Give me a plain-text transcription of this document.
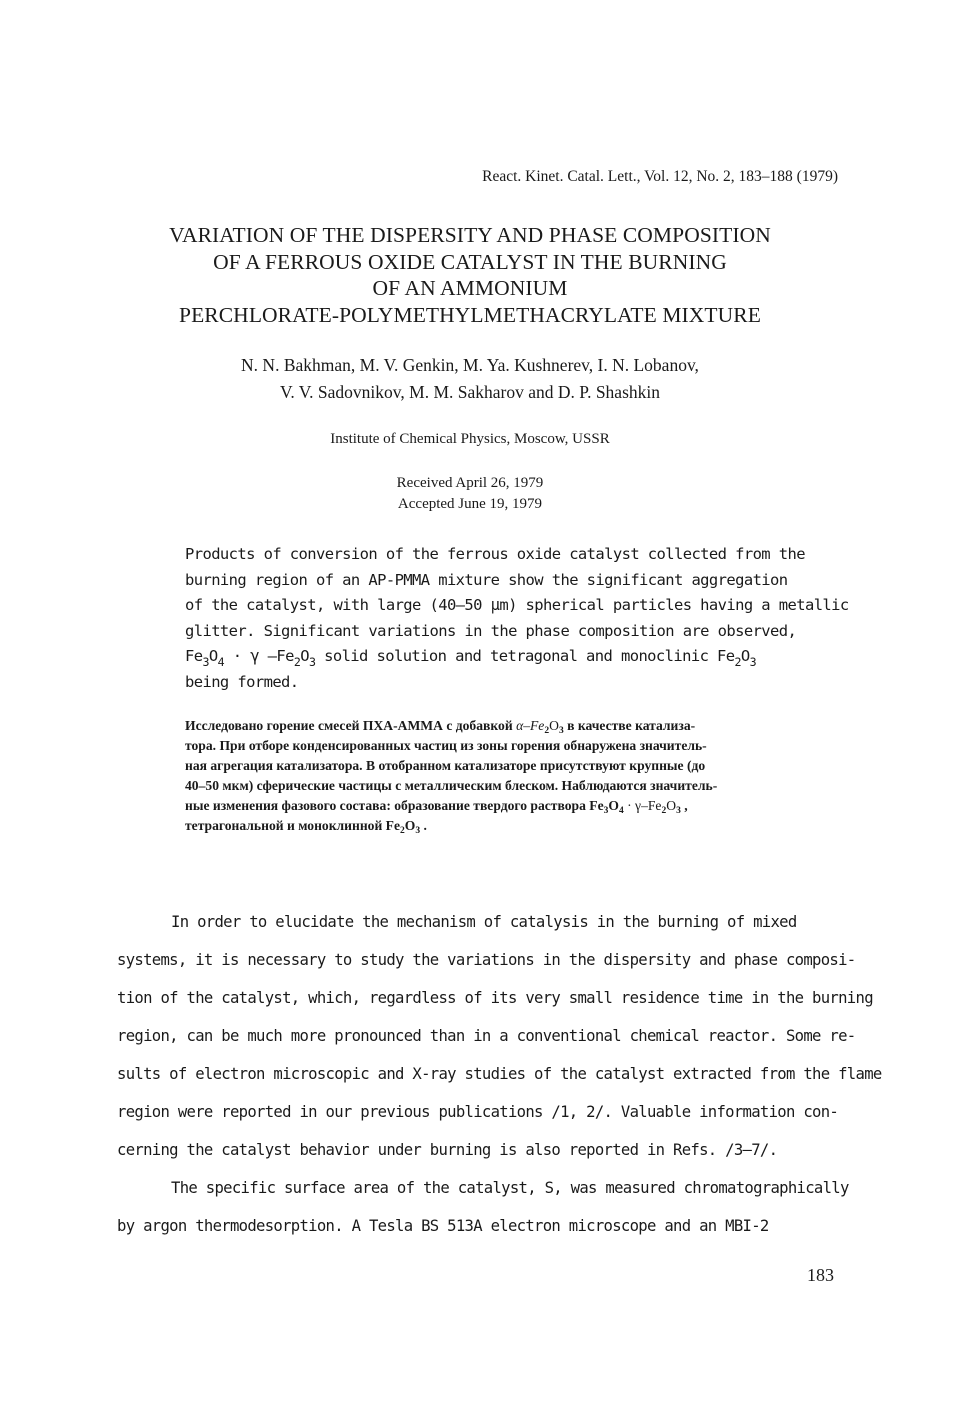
React. Kinet. Catal. Lett., Vol. 12, No. 2, 183–188 (1979)
VARIATION OF THE DISPERSITY AND PHASE COMPOSITION
OF A FERROUS OXIDE CATALYST IN THE BURNING
OF AN AMMONIUM
PERCHLORATE-POLYMETHYLMETHACRYLATE MIXTURE
N. N. Bakhman, M. V. Genkin, M. Ya. Kushnerev, I. N. Lobanov,
V. V. Sadovnikov, M. M. Sakharov and D. P. Shashkin
Institute of Chemical Physics, Moscow, USSR
Received April 26, 1979
Accepted June 19, 1979
Products of conversion of the ferrous oxide catalyst collected from the
burning region of an AP-PMMA mixture show the significant aggregation
of the catalyst, with large (40–50 μm) spherical particles having a metallic
glitter. Significant variations in the phase composition are observed,
$Fe_3O_4 \cdot \gamma$ $-Fe_2O_3$ solid solution and tetragonal and monoclinic $Fe_2O_3$
being formed.
Исследовано горение смесей ПХА-АММА с добавкой $\alpha-Fe_2O_3$ в качестве катализа-
тора. При отборе конденсированных частиц из зоны горения обнаружена значитель-
ная агрегация катализатора. В отобранном катализаторе присутствуют крупные (до
40–50 мкм) сферические частицы с металлическим блеском. Наблюдаются значитель-
ные изменения фазового состава: образование твердого раствора $Fe_3O_4 \cdot \gamma-Fe_2O_3$ ,
тетрагональной и моноклинной $Fe_2O_3$ .
In order to elucidate the mechanism of catalysis in the burning of mixed
systems, it is necessary to study the variations in the dispersity and phase composi-
tion of the catalyst, which, regardless of its very small residence time in the burning
region, can be much more pronounced than in a conventional chemical reactor. Some re-
sults of electron microscopic and X-ray studies of the catalyst extracted from the flame
region were reported in our previous publications /1, 2/. Valuable information con-
cerning the catalyst behavior under burning is also reported in Refs. /3–7/.
The specific surface area of the catalyst, S, was measured chromatographically
by argon thermodesorption. A Tesla BS 513A electron microscope and an MBI-2
183
